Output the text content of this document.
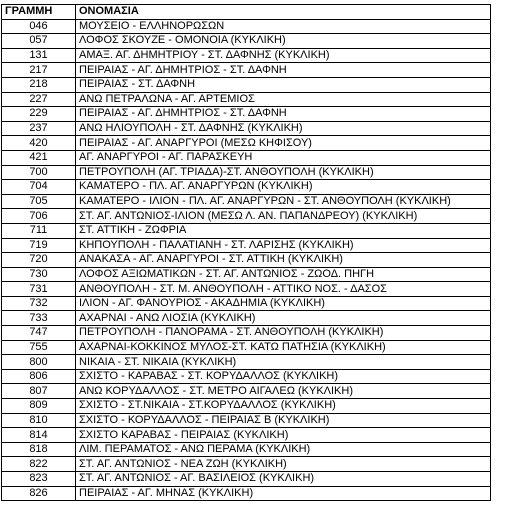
ΓΡΑΜΜΗ	ΟΝΟΜΑΣΙΑ
046	ΜΟΥΣΕΙΟ - ΕΛΛΗΝΟΡΩΣΩΝ
057	ΛΟΦΟΣ ΣΚΟΥΖΕ - ΟΜΟΝΟΙΑ (ΚΥΚΛΙΚΗ)
131	ΑΜΑΞ. ΑΓ. ΔΗΜΗΤΡΙΟΥ - ΣΤ. ΔΑΦΝΗΣ (ΚΥΚΛΙΚΗ)
217	ΠΕΙΡΑΙΑΣ - ΑΓ. ΔΗΜΗΤΡΙΟΣ - ΣΤ. ΔΑΦΝΗ
218	ΠΕΙΡΑΙΑΣ - ΣΤ. ΔΑΦΝΗ
227	ΑΝΩ ΠΕΤΡΑΛΩΝΑ - ΑΓ. ΑΡΤΕΜΙΟΣ
229	ΠΕΙΡΑΙΑΣ - ΑΓ. ΔΗΜΗΤΡΙΟΣ - ΣΤ. ΔΑΦΝΗ
237	ΑΝΩ ΗΛΙΟΥΠΟΛΗ - ΣΤ. ΔΑΦΝΗΣ (ΚΥΚΛΙΚΗ)
420	ΠΕΙΡΑΙΑΣ - ΑΓ. ΑΝΑΡΓΥΡΟΙ (ΜΕΣΩ ΚΗΦΙΣΟΥ)
421	ΑΓ. ΑΝΑΡΓΥΡΟΙ - ΑΓ. ΠΑΡΑΣΚΕΥΗ
700	ΠΕΤΡΟΥΠΟΛΗ (ΑΓ. ΤΡΙΑΔΑ)-ΣΤ. ΑΝΘΟΥΠΟΛΗ (ΚΥΚΛΙΚΗ)
704	ΚΑΜΑΤΕΡΟ - ΠΛ. ΑΓ. ΑΝΑΡΓΥΡΩΝ (ΚΥΚΛΙΚΗ)
705	ΚΑΜΑΤΕΡΟ - ΙΛΙΟΝ - ΠΛ. ΑΓ. ΑΝΑΡΓΥΡΩΝ - ΣΤ. ΑΝΘΟΥΠΟΛΗ (ΚΥΚΛΙΚΗ)
706	ΣΤ. ΑΓ. ΑΝΤΩΝΙΟΣ-ΙΛΙΟΝ (ΜΕΣΩ Λ. ΑΝ. ΠΑΠΑΝΔΡΕΟΥ) (ΚΥΚΛΙΚΗ)
711	ΣΤ. ΑΤΤΙΚΗ - ΖΩΦΡΙΑ
719	ΚΗΠΟΥΠΟΛΗ - ΠΑΛΑΤΙΑΝΗ - ΣΤ. ΛΑΡΙΣΗΣ (ΚΥΚΛΙΚΗ)
720	ΑΝΑΚΑΣΑ - ΑΓ. ΑΝΑΡΓΥΡΟΙ - ΣΤ. ΑΤΤΙΚΗ (ΚΥΚΛΙΚΗ)
730	ΛΟΦΟΣ ΑΞΙΩΜΑΤΙΚΩΝ - ΣΤ. ΑΓ. ΑΝΤΩΝΙΟΣ - ΖΩΟΔ. ΠΗΓΗ
731	ΑΝΘΟΥΠΟΛΗ - ΣΤ. Μ. ΑΝΘΟΥΠΟΛΗ - ΑΤΤΙΚΟ ΝΟΣ. - ΔΑΣΟΣ
732	ΙΛΙΟΝ - ΑΓ. ΦΑΝΟΥΡΙΟΣ - ΑΚΑΔΗΜΙΑ (ΚΥΚΛΙΚΗ)
733	ΑΧΑΡΝΑΙ - ΑΝΩ ΛΙΟΣΙΑ (ΚΥΚΛΙΚΗ)
747	ΠΕΤΡΟΥΠΟΛΗ - ΠΑΝΟΡΑΜΑ - ΣΤ. ΑΝΘΟΥΠΟΛΗ (ΚΥΚΛΙΚΗ)
755	ΑΧΑΡΝΑΙ-ΚΟΚΚΙΝΟΣ ΜΥΛΟΣ-ΣΤ. ΚΑΤΩ ΠΑΤΗΣΙΑ (ΚΥΚΛΙΚΗ)
800	ΝΙΚΑΙΑ - ΣΤ. ΝΙΚΑΙΑ (ΚΥΚΛΙΚΗ)
806	ΣΧΙΣΤΟ - ΚΑΡΑΒΑΣ - ΣΤ. ΚΟΡΥΔΑΛΛΟΣ (ΚΥΚΛΙΚΗ)
807	ΑΝΩ ΚΟΡΥΔΑΛΛΟΣ - ΣΤ. ΜΕΤΡΟ ΑΙΓΑΛΕΩ (ΚΥΚΛΙΚΗ)
809	ΣΧΙΣΤΟ - ΣΤ.ΝΙΚΑΙΑ - ΣΤ.ΚΟΡΥΔΑΛΛΟΣ (ΚΥΚΛΙΚΗ)
810	ΣΧΙΣΤΟ - ΚΟΡΥΔΑΛΛΟΣ - ΠΕΙΡΑΙΑΣ Β (ΚΥΚΛΙΚΗ)
814	ΣΧΙΣΤΟ ΚΑΡΑΒΑΣ - ΠΕΙΡΑΙΑΣ (ΚΥΚΛΙΚΗ)
818	ΛΙΜ. ΠΕΡΑΜΑΤΟΣ - ΑΝΩ ΠΕΡΑΜΑ (ΚΥΚΛΙΚΗ)
822	ΣΤ. ΑΓ. ΑΝΤΩΝΙΟΣ - ΝΕΑ ΖΩΗ (ΚΥΚΛΙΚΗ)
823	ΣΤ. ΑΓ. ΑΝΤΩΝΙΟΣ - ΑΓ. ΒΑΣΙΛΕΙΟΣ (ΚΥΚΛΙΚΗ)
826	ΠΕΙΡΑΙΑΣ - ΑΓ. ΜΗΝΑΣ (ΚΥΚΛΙΚΗ)
